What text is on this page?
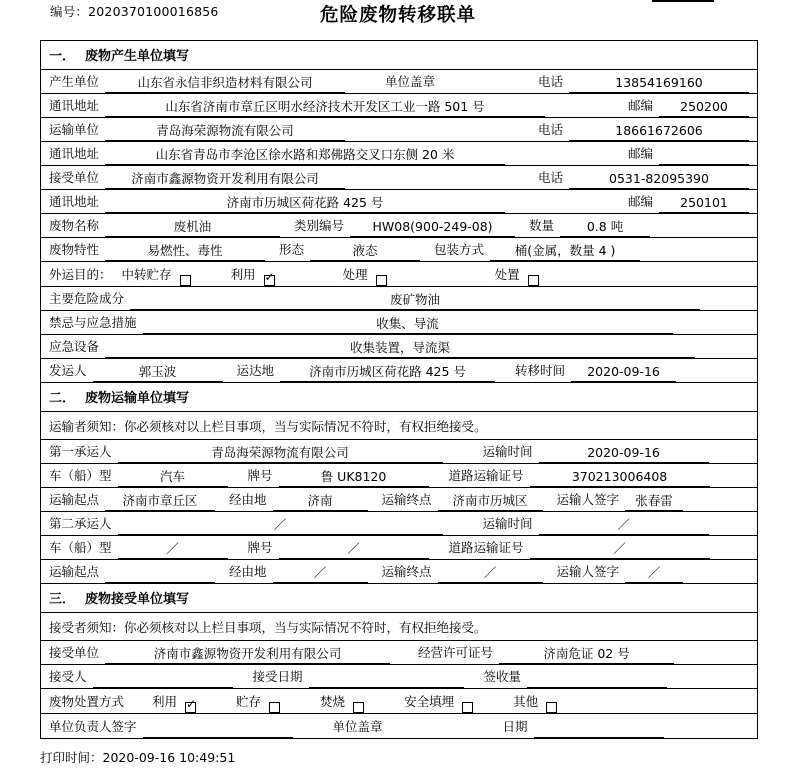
编号：2020370100016856	危险废物转移联单
一． 废物产生单位填写
产生单位	山东省永信非织造材料有限公司	单位盖章	电话	13854169160
通讯地址	山东省济南市章丘区明水经济技术开发区工业一路 501 号	邮编	250200
运输单位	青岛海荣源物流有限公司	电话	18661672606
通讯地址	山东省青岛市李沧区徐水路和郑佛路交叉口东侧 20 米	邮编
接受单位	济南市鑫源物资开发利用有限公司	电话	0531-82095390
通讯地址	济南市历城区荷花路 425 号	邮编	250101
废物名称	废机油	类别编号	HW08(900-249-08)	数量	0.8 吨
废物特性	易燃性、毒性	形态	液态	包装方式	桶(金属，数量 4 )
外运目的： 中转贮存	利用 ✓	处理	处置
主要危险成分	废矿物油
禁忌与应急措施	收集、导流
应急设备	收集装置，导流渠
发运人	郭玉波	运达地	济南市历城区荷花路 425 号	转移时间	2020-09-16
二． 废物运输单位填写
运输者须知：你必须核对以上栏目事项，当与实际情况不符时，有权拒绝接受。
第一承运人	青岛海荣源物流有限公司	运输时间	2020-09-16
车（船）型	汽车	牌号	鲁 UK8120	道路运输证号	370213006408
运输起点	济南市章丘区	经由地	济南	运输终点	济南市历城区	运输人签字	张春雷
第二承运人	／	运输时间	／
车（船）型	／	牌号	／	道路运输证号	／
运输起点	经由地	／	运输终点	／	运输人签字	／
三． 废物接受单位填写
接受者须知：你必须核对以上栏目事项，当与实际情况不符时，有权拒绝接受。
接受单位	济南市鑫源物资开发利用有限公司	经营许可证号	济南危证 02 号
接受人	接受日期	签收量
废物处置方式 利用 ✓	贮存	焚烧	安全填埋	其他
单位负责人签字	单位盖章	日期
打印时间：2020-09-16 10:49:51
